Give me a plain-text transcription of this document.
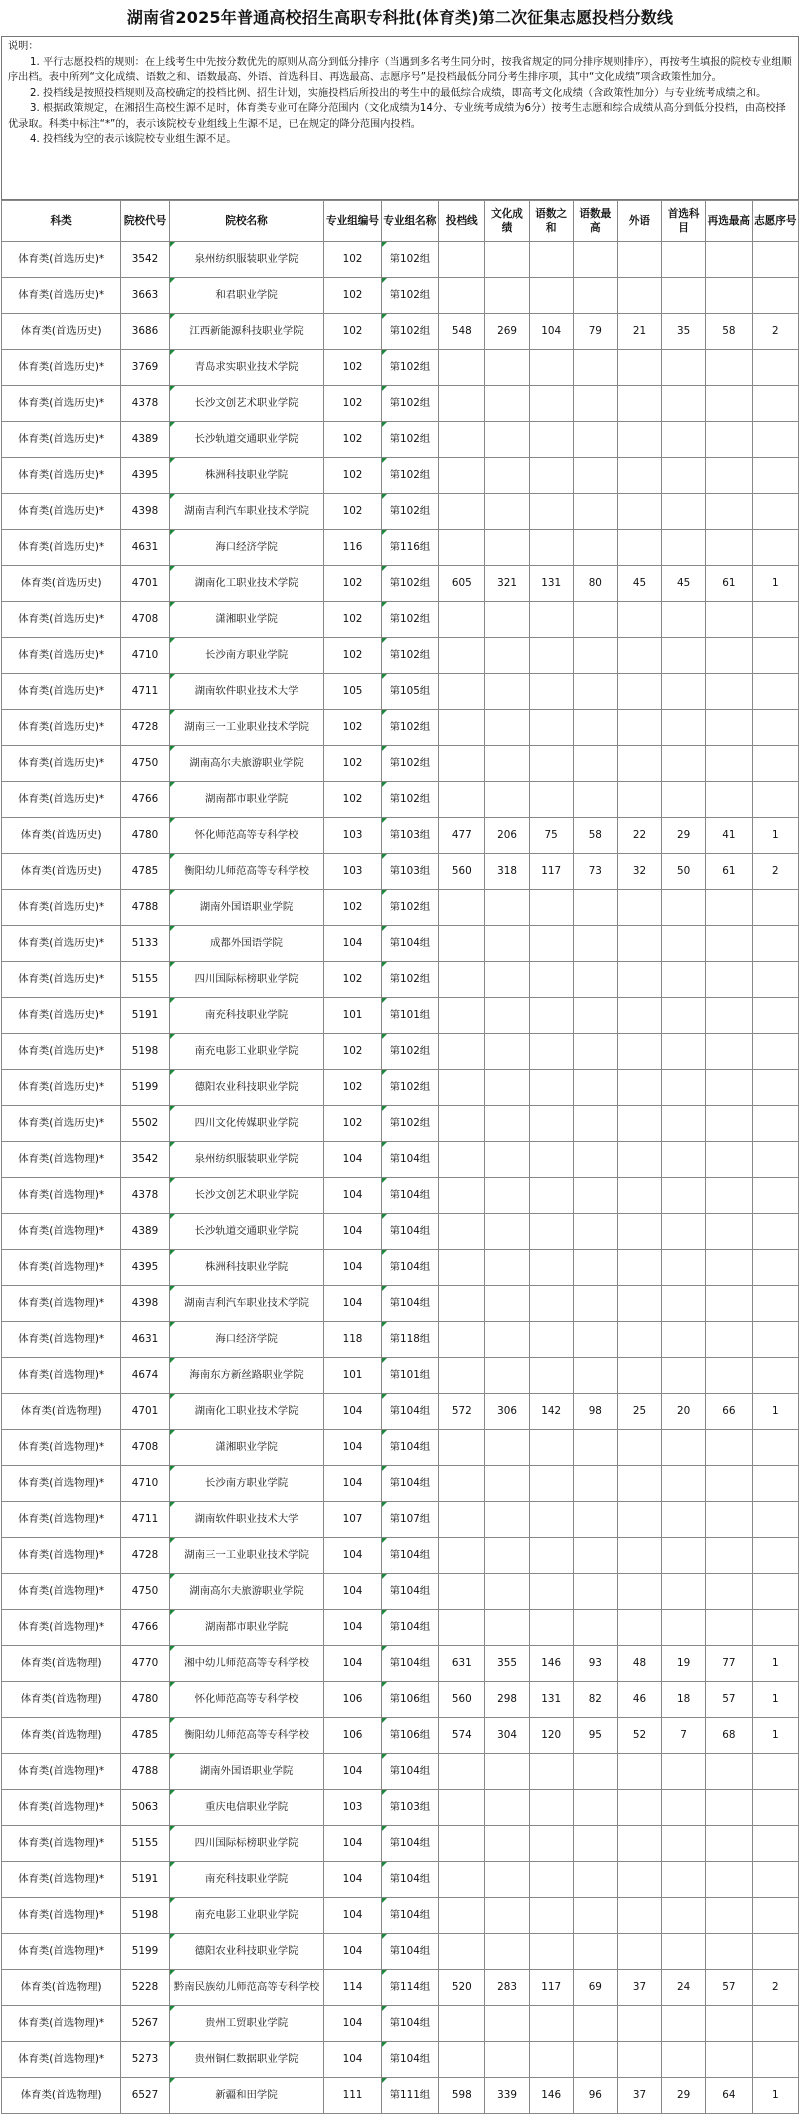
湖南省2025年普通高校招生高职专科批(体育类)第二次征集志愿投档分数线

说明：

1. 平行志愿投档的规则：在上线考生中先按分数优先的原则从高分到低分排序（当遇到多名考生同分时，按我省规定的同分排序规则排序），再按考生填报的院校专业组顺序出档。表中所列“文化成绩、语数之和、语数最高、外语、首选科目、再选最高、志愿序号”是投档最低分同分考生排序项，其中“文化成绩”项含政策性加分。

2. 投档线是按照投档规则及高校确定的投档比例、招生计划，实施投档后所投出的考生中的最低综合成绩，即高考文化成绩（含政策性加分）与专业统考成绩之和。

3. 根据政策规定，在湘招生高校生源不足时，体育类专业可在降分范围内（文化成绩为14分、专业统考成绩为6分）按考生志愿和综合成绩从高分到低分投档，由高校择优录取。科类中标注“*”的，表示该院校专业组线上生源不足，已在规定的降分范围内投档。

4. 投档线为空的表示该院校专业组生源不足。

科类	院校代号	院校名称	专业组编号	专业组名称	投档线	文化成绩	语数之和	语数最高	外语	首选科目	再选最高	志愿序号
体育类(首选历史)*	3542	泉州纺织服装职业学院	102	第102组								
体育类(首选历史)*	3663	和君职业学院	102	第102组								
体育类(首选历史)	3686	江西新能源科技职业学院	102	第102组	548	269	104	79	21	35	58	2
体育类(首选历史)*	3769	青岛求实职业技术学院	102	第102组								
体育类(首选历史)*	4378	长沙文创艺术职业学院	102	第102组								
体育类(首选历史)*	4389	长沙轨道交通职业学院	102	第102组								
体育类(首选历史)*	4395	株洲科技职业学院	102	第102组								
体育类(首选历史)*	4398	湖南吉利汽车职业技术学院	102	第102组								
体育类(首选历史)*	4631	海口经济学院	116	第116组								
体育类(首选历史)	4701	湖南化工职业技术学院	102	第102组	605	321	131	80	45	45	61	1
体育类(首选历史)*	4708	潇湘职业学院	102	第102组								
体育类(首选历史)*	4710	长沙南方职业学院	102	第102组								
体育类(首选历史)*	4711	湖南软件职业技术大学	105	第105组								
体育类(首选历史)*	4728	湖南三一工业职业技术学院	102	第102组								
体育类(首选历史)*	4750	湖南高尔夫旅游职业学院	102	第102组								
体育类(首选历史)*	4766	湖南都市职业学院	102	第102组								
体育类(首选历史)	4780	怀化师范高等专科学校	103	第103组	477	206	75	58	22	29	41	1
体育类(首选历史)	4785	衡阳幼儿师范高等专科学校	103	第103组	560	318	117	73	32	50	61	2
体育类(首选历史)*	4788	湖南外国语职业学院	102	第102组								
体育类(首选历史)*	5133	成都外国语学院	104	第104组								
体育类(首选历史)*	5155	四川国际标榜职业学院	102	第102组								
体育类(首选历史)*	5191	南充科技职业学院	101	第101组								
体育类(首选历史)*	5198	南充电影工业职业学院	102	第102组								
体育类(首选历史)*	5199	德阳农业科技职业学院	102	第102组								
体育类(首选历史)*	5502	四川文化传媒职业学院	102	第102组								
体育类(首选物理)*	3542	泉州纺织服装职业学院	104	第104组								
体育类(首选物理)*	4378	长沙文创艺术职业学院	104	第104组								
体育类(首选物理)*	4389	长沙轨道交通职业学院	104	第104组								
体育类(首选物理)*	4395	株洲科技职业学院	104	第104组								
体育类(首选物理)*	4398	湖南吉利汽车职业技术学院	104	第104组								
体育类(首选物理)*	4631	海口经济学院	118	第118组								
体育类(首选物理)*	4674	海南东方新丝路职业学院	101	第101组								
体育类(首选物理)	4701	湖南化工职业技术学院	104	第104组	572	306	142	98	25	20	66	1
体育类(首选物理)*	4708	潇湘职业学院	104	第104组								
体育类(首选物理)*	4710	长沙南方职业学院	104	第104组								
体育类(首选物理)*	4711	湖南软件职业技术大学	107	第107组								
体育类(首选物理)*	4728	湖南三一工业职业技术学院	104	第104组								
体育类(首选物理)*	4750	湖南高尔夫旅游职业学院	104	第104组								
体育类(首选物理)*	4766	湖南都市职业学院	104	第104组								
体育类(首选物理)	4770	湘中幼儿师范高等专科学校	104	第104组	631	355	146	93	48	19	77	1
体育类(首选物理)	4780	怀化师范高等专科学校	106	第106组	560	298	131	82	46	18	57	1
体育类(首选物理)	4785	衡阳幼儿师范高等专科学校	106	第106组	574	304	120	95	52	7	68	1
体育类(首选物理)*	4788	湖南外国语职业学院	104	第104组								
体育类(首选物理)*	5063	重庆电信职业学院	103	第103组								
体育类(首选物理)*	5155	四川国际标榜职业学院	104	第104组								
体育类(首选物理)*	5191	南充科技职业学院	104	第104组								
体育类(首选物理)*	5198	南充电影工业职业学院	104	第104组								
体育类(首选物理)*	5199	德阳农业科技职业学院	104	第104组								
体育类(首选物理)	5228	黔南民族幼儿师范高等专科学校	114	第114组	520	283	117	69	37	24	57	2
体育类(首选物理)*	5267	贵州工贸职业学院	104	第104组								
体育类(首选物理)*	5273	贵州铜仁数据职业学院	104	第104组								
体育类(首选物理)	6527	新疆和田学院	111	第111组	598	339	146	96	37	29	64	1
